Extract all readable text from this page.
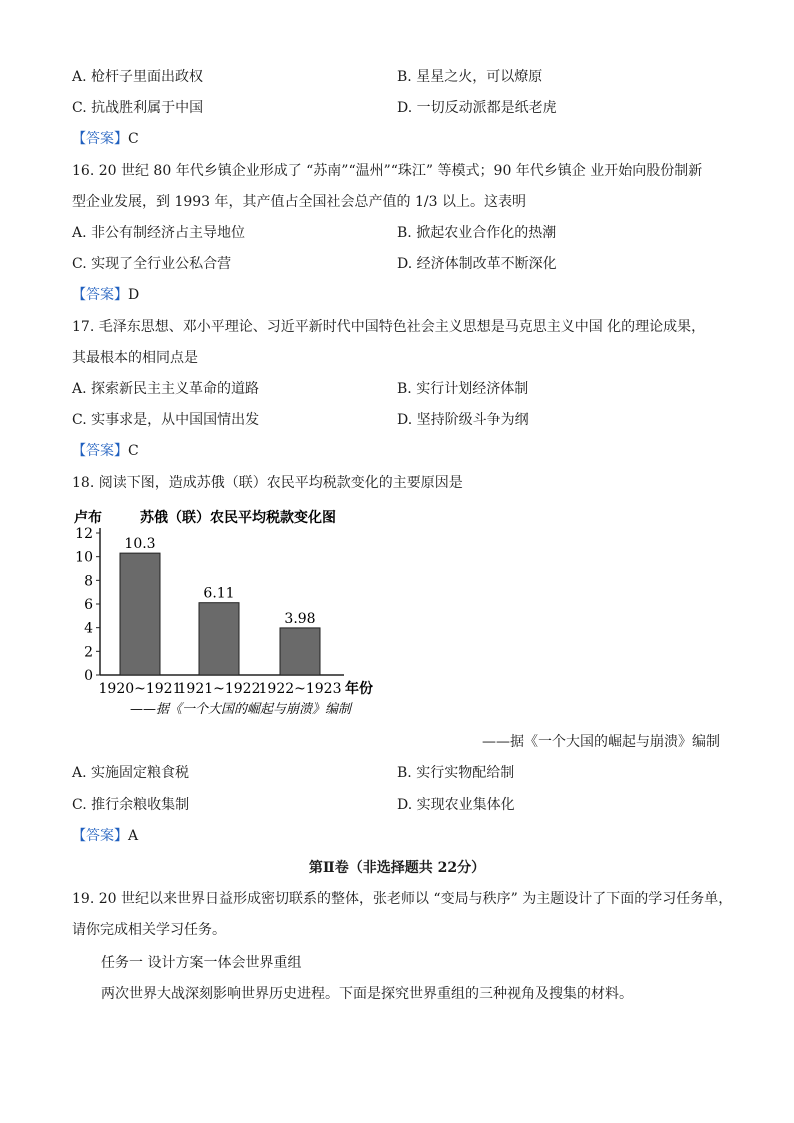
A. 枪杆子里面出政权	B. 星星之火，可以燎原
C. 抗战胜利属于中国	D. 一切反动派都是纸老虎
【答案】C
16. 20 世纪 80 年代乡镇企业形成了 “苏南”“温州”“珠江” 等模式；90 年代乡镇企 业开始向股份制新
型企业发展，到 1993 年，其产值占全国社会总产值的 1/3 以上。这表明
A. 非公有制经济占主导地位	B. 掀起农业合作化的热潮
C. 实现了全行业公私合营	D. 经济体制改革不断深化
【答案】D
17. 毛泽东思想、邓小平理论、习近平新时代中国特色社会主义思想是马克思主义中国 化的理论成果，
其最根本的相同点是
A. 探索新民主主义革命的道路	B. 实行计划经济体制
C. 实事求是，从中国国情出发	D. 坚持阶级斗争为纲
【答案】C
18. 阅读下图，造成苏俄（联）农民平均税款变化的主要原因是
卢布	苏俄（联）农民平均税款变化图
0
2
4
6
8
10
12
10.3
6.11
3.98
1920~1921
1921~1922
1922~1923 年份
——据《一个大国的崛起与崩溃》编制
——据《一个大国的崛起与崩溃》编制
A. 实施固定粮食税	B. 实行实物配给制
C. 推行余粮收集制	D. 实现农业集体化
【答案】A
第Ⅱ卷（非选择题共 22分）
19. 20 世纪以来世界日益形成密切联系的整体，张老师以 “变局与秩序” 为主题设计了下面的学习任务单，
请你完成相关学习任务。
任务一 设计方案一体会世界重组
两次世界大战深刻影响世界历史进程。下面是探究世界重组的三种视角及搜集的材料。
